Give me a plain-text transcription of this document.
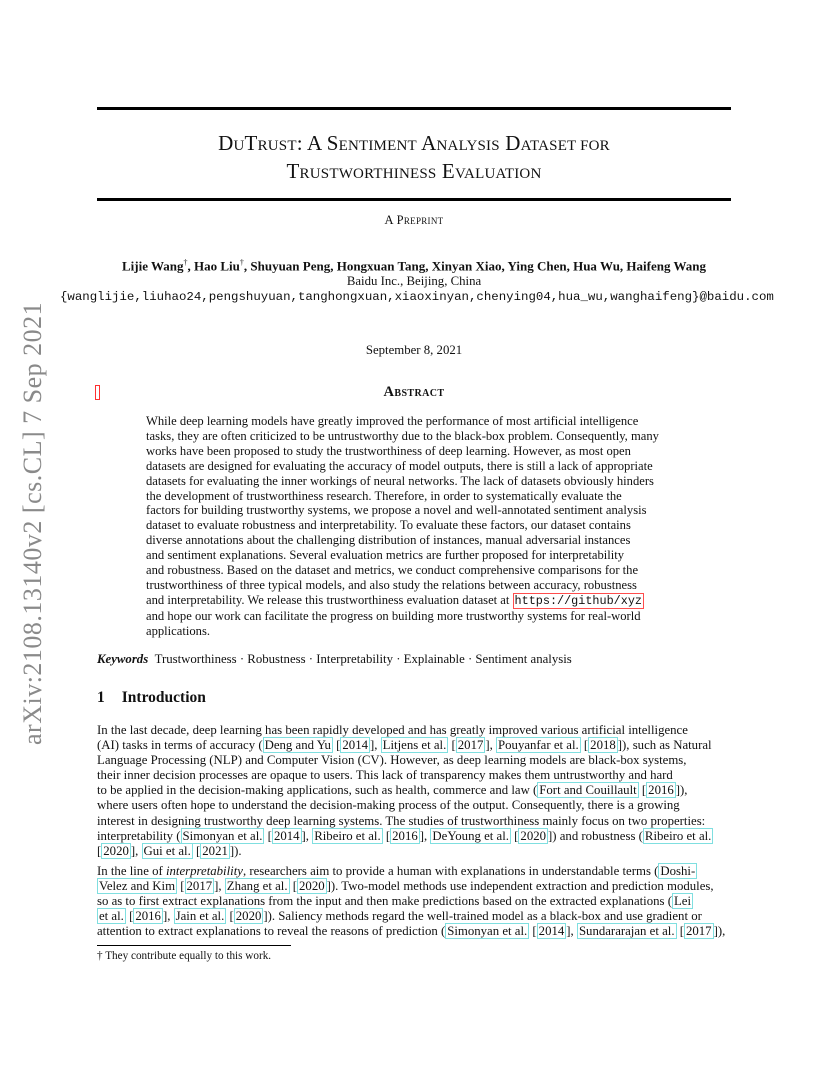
arXiv:2108.13140v2 [cs.CL] 7 Sep 2021
DUTRUST: A SENTIMENT ANALYSIS DATASET FOR
TRUSTWORTHINESS EVALUATION
A Preprint
Lijie Wang†, Hao Liu†, Shuyuan Peng, Hongxuan Tang, Xinyan Xiao, Ying Chen, Hua Wu, Haifeng Wang
Baidu Inc., Beijing, China
{wanglijie,liuhao24,pengshuyuan,tanghongxuan,xiaoxinyan,chenying04,hua_wu,wanghaifeng}@baidu.com
September 8, 2021
Abstract
While deep learning models have greatly improved the performance of most artificial intelligence
tasks, they are often criticized to be untrustworthy due to the black-box problem. Consequently, many
works have been proposed to study the trustworthiness of deep learning. However, as most open
datasets are designed for evaluating the accuracy of model outputs, there is still a lack of appropriate
datasets for evaluating the inner workings of neural networks. The lack of datasets obviously hinders
the development of trustworthiness research. Therefore, in order to systematically evaluate the
factors for building trustworthy systems, we propose a novel and well-annotated sentiment analysis
dataset to evaluate robustness and interpretability. To evaluate these factors, our dataset contains
diverse annotations about the challenging distribution of instances, manual adversarial instances
and sentiment explanations. Several evaluation metrics are further proposed for interpretability
and robustness. Based on the dataset and metrics, we conduct comprehensive comparisons for the
trustworthiness of three typical models, and also study the relations between accuracy, robustness
and interpretability. We release this trustworthiness evaluation dataset at https://github/xyz
and hope our work can facilitate the progress on building more trustworthy systems for real-world
applications.
Keywords Trustworthiness · Robustness · Interpretability · Explainable · Sentiment analysis
1 Introduction
In the last decade, deep learning has been rapidly developed and has greatly improved various artificial intelligence
(AI) tasks in terms of accuracy ( Deng and Yu [ 2014 ], Litjens et al. [ 2017 ], Pouyanfar et al. [ 2018 ]), such as Natural
Language Processing (NLP) and Computer Vision (CV). However, as deep learning models are black-box systems,
their inner decision processes are opaque to users. This lack of transparency makes them untrustworthy and hard
to be applied in the decision-making applications, such as health, commerce and law ( Fort and Couillault [ 2016 ]),
where users often hope to understand the decision-making process of the output. Consequently, there is a growing
interest in designing trustworthy deep learning systems. The studies of trustworthiness mainly focus on two properties:
interpretability ( Simonyan et al. [ 2014 ], Ribeiro et al. [ 2016 ], DeYoung et al. [ 2020 ]) and robustness ( Ribeiro et al.
[ 2020 ], Gui et al. [ 2021 ]).
In the line of interpretability, researchers aim to provide a human with explanations in understandable terms ( Doshi-
Velez and Kim [ 2017 ], Zhang et al. [ 2020 ]). Two-model methods use independent extraction and prediction modules,
so as to first extract explanations from the input and then make predictions based on the extracted explanations ( Lei
et al. [ 2016 ], Jain et al. [ 2020 ]). Saliency methods regard the well-trained model as a black-box and use gradient or
attention to extract explanations to reveal the reasons of prediction ( Simonyan et al. [ 2014 ], Sundararajan et al. [ 2017 ]),
† They contribute equally to this work.
